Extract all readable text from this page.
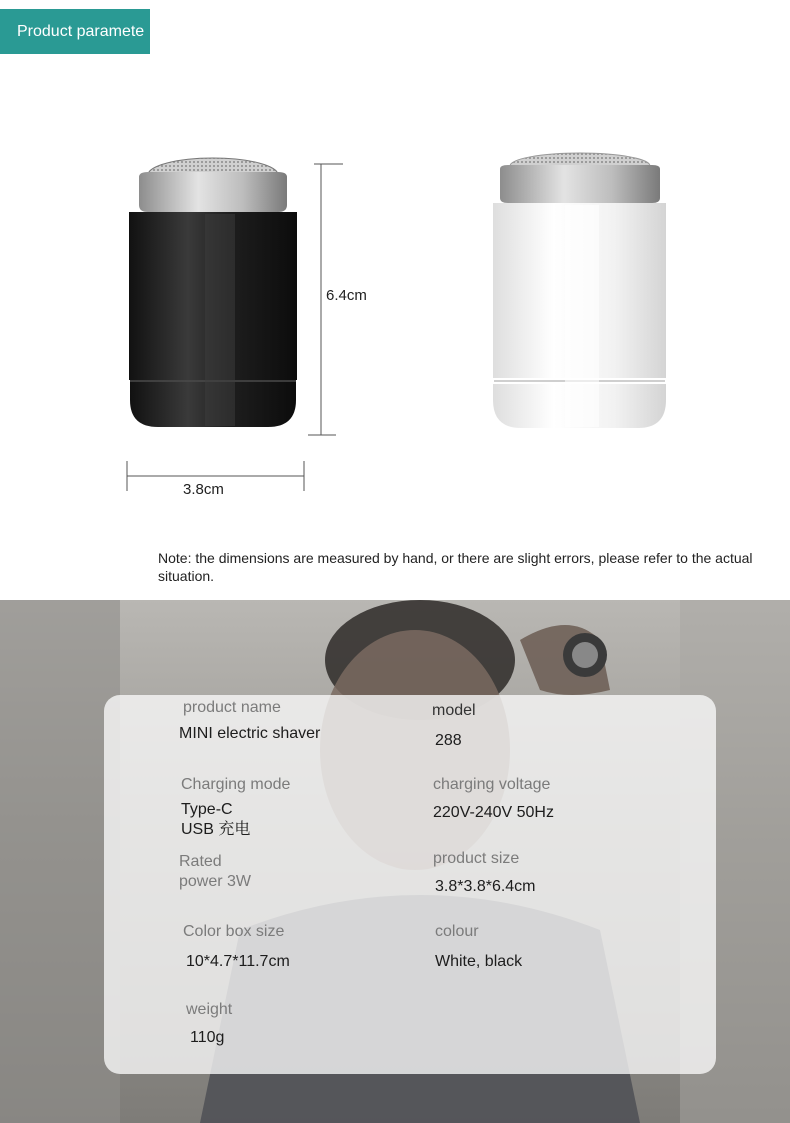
Product paramete
6.4cm
3.8cm
Note: the dimensions are measured by hand, or there are slight errors, please refer to the actual situation.
product name
MINI electric shaver
model
288
Charging mode
Type-C
USB 充电
charging voltage
220V-240V 50Hz
Rated
power 3W
product size
3.8*3.8*6.4cm
Color box size
10*4.7*11.7cm
colour
White, black
weight
110g
